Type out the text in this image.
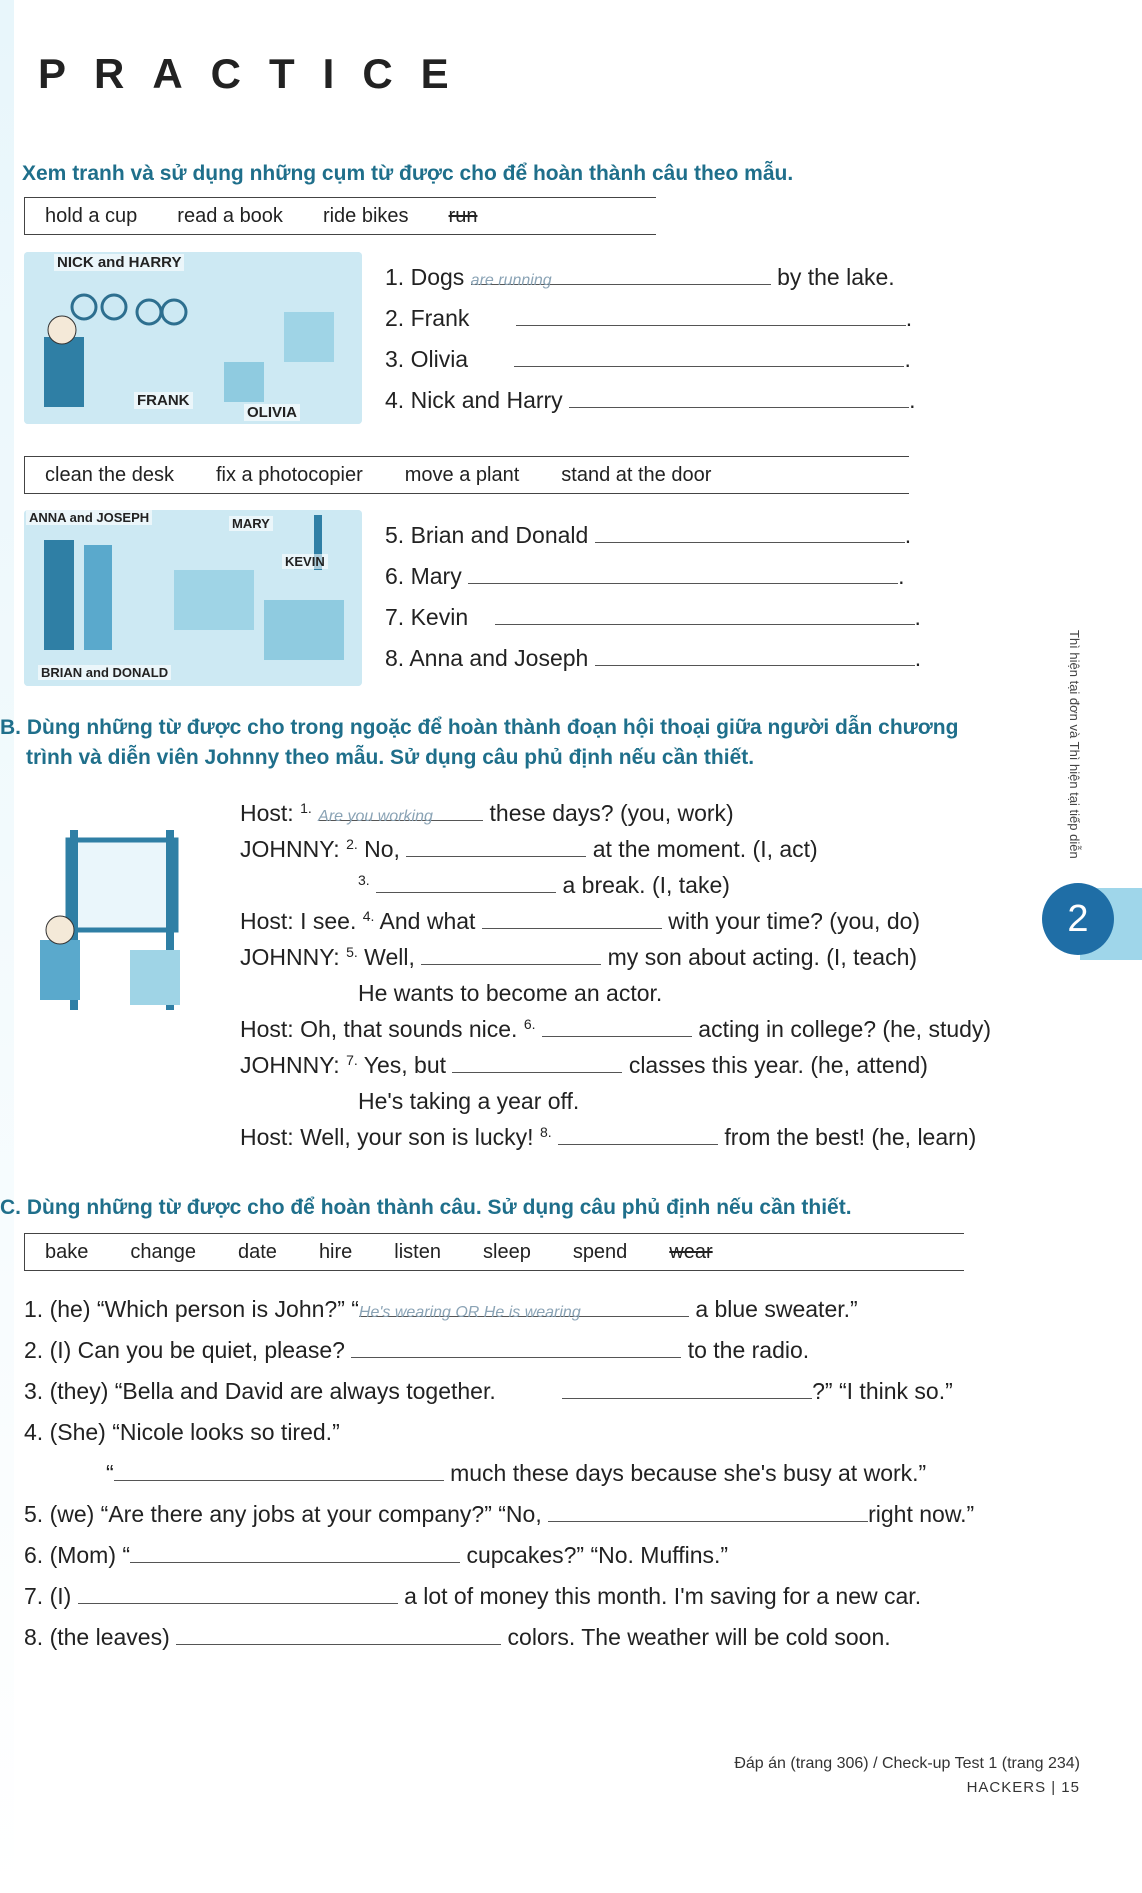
PRACTICE
Xem tranh và sử dụng những cụm từ được cho để hoàn thành câu theo mẫu.
hold a cup read a book ride bikes run
NICK and HARRY
FRANK
OLIVIA
1. Dogs are running	by the lake.
2. Frank	.
3. Olivia	.
4. Nick and Harry	.
clean the desk fix a photocopier move a plant stand at the door
ANNA and JOSEPH	MARY
KEVIN
BRIAN and DONALD
5. Brian and Donald	.
6. Mary	.
7. Kevin	.
8. Anna and Joseph	.
B. Dùng những từ được cho trong ngoặc để hoàn thành đoạn hội thoại giữa người dẫn chương
trình và diễn viên Johnny theo mẫu. Sử dụng câu phủ định nếu cần thiết.
Host: $^{1.}$ Are you working these days? (you, work)
JOHNNY: $^{2.}$ No,	at the moment. (I, act)
$^{3.}$	a break. (I, take)
Host: I see. $^{4.}$ And what	with your time? (you, do)
JOHNNY: $^{5.}$ Well,	my son about acting. (I, teach)
He wants to become an actor.
Host: Oh, that sounds nice. $^{6.}$	acting in college? (he, study)
JOHNNY: $^{7.}$ Yes, but	classes this year. (he, attend)
He's taking a year off.
Host: Well, your son is lucky! $^{8.}$	from the best! (he, learn)
Thì hiện tại đơn và Thì hiện tại tiếp diễn
LESSON
2
C. Dùng những từ được cho để hoàn thành câu. Sử dụng câu phủ định nếu cần thiết.
bake change date hire listen sleep spend wear
1. (he) “Which person is John?” “He's wearing OR He is wearing	a blue sweater.”
2. (I) Can you be quiet, please?	to the radio.
3. (they) “Bella and David are always together.	?” “I think so.”
4. (She) “Nicole looks so tired.”
“	much these days because she's busy at work.”
5. (we) “Are there any jobs at your company?” “No,	right now.”
6. (Mom) “	cupcakes?” “No. Muffins.”
7. (I)	a lot of money this month. I'm saving for a new car.
8. (the leaves)	colors. The weather will be cold soon.
Đáp án (trang 306) / Check-up Test 1 (trang 234)
HACKERS | 15
